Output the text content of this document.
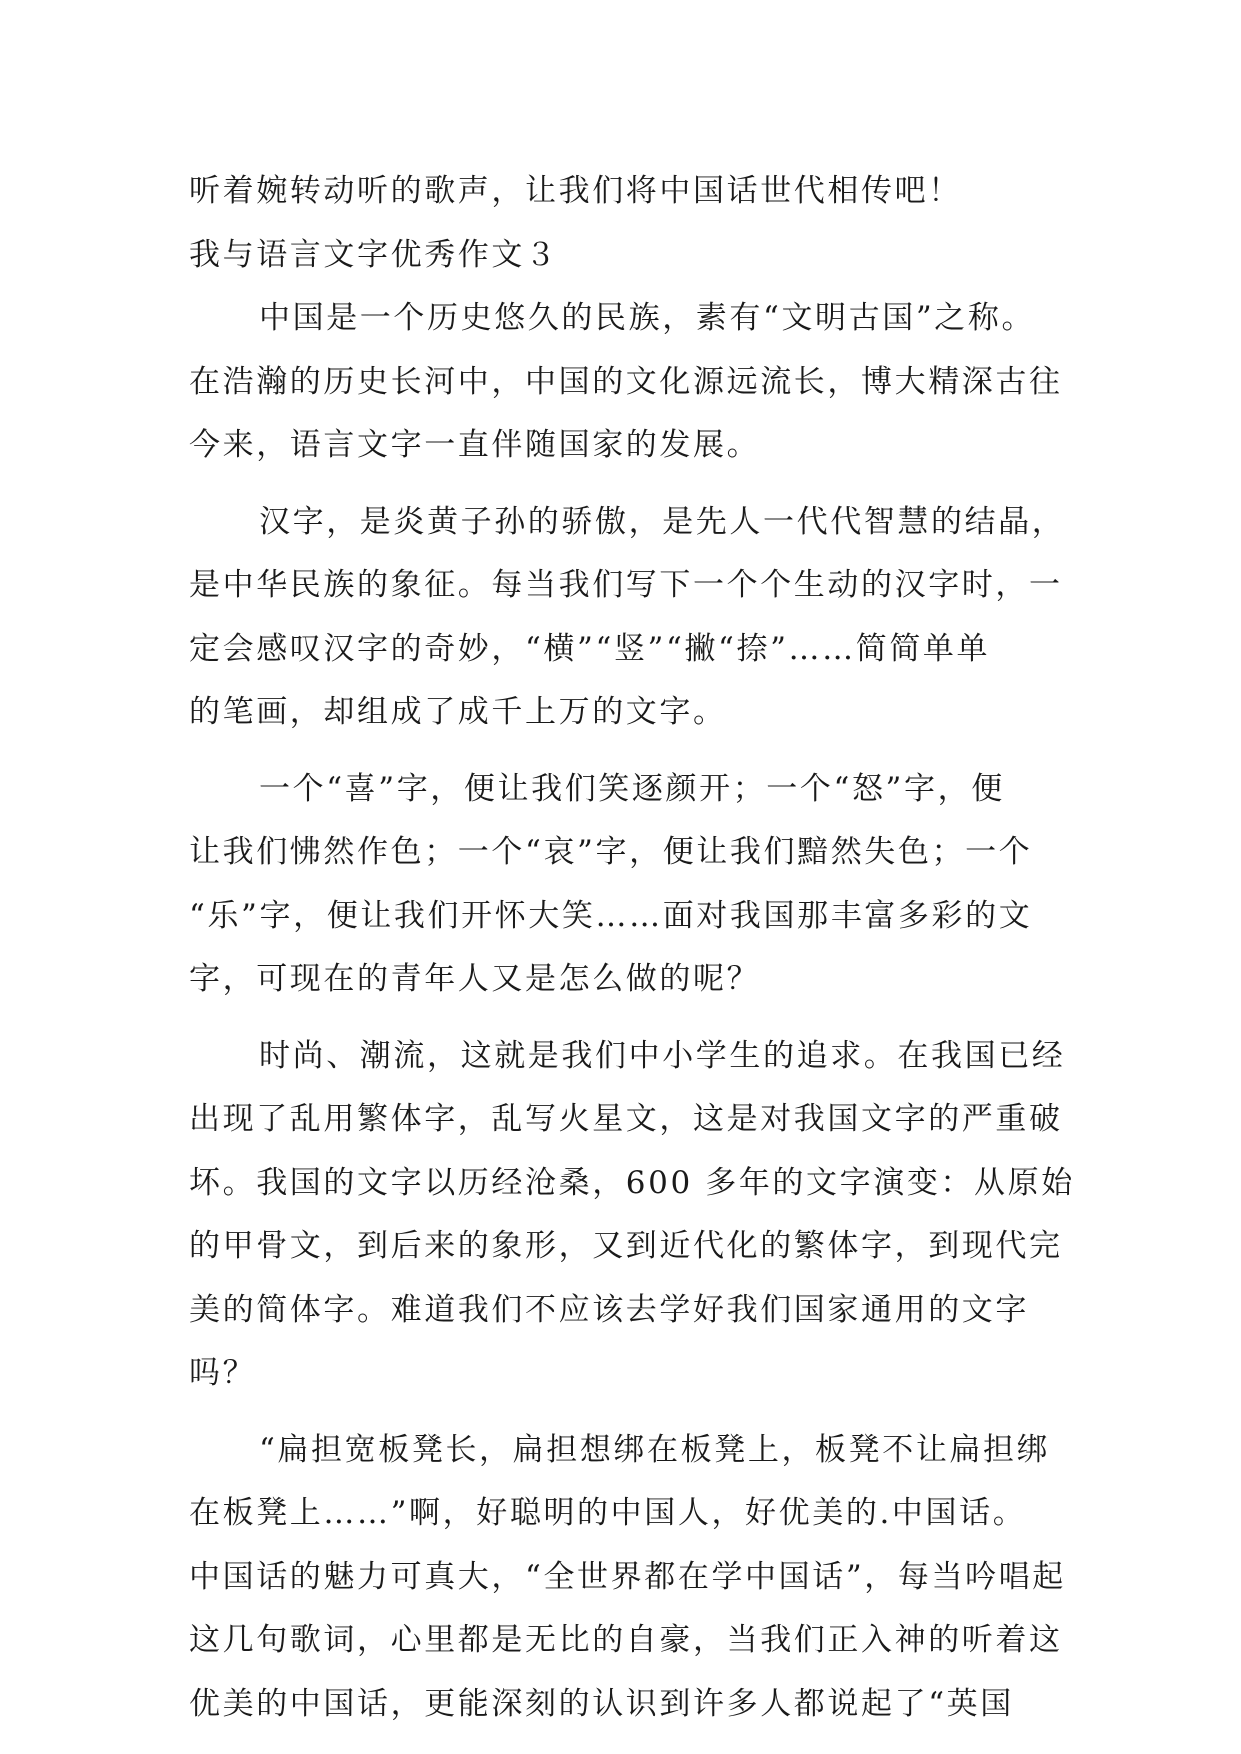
听着婉转动听的歌声，让我们将中国话世代相传吧！
我与语言文字优秀作文３
中国是一个历史悠久的民族，素有“文明古国”之称。
在浩瀚的历史长河中，中国的文化源远流长，博大精深古往
今来，语言文字一直伴随国家的发展。
汉字，是炎黄子孙的骄傲，是先人一代代智慧的结晶，
是中华民族的象征。每当我们写下一个个生动的汉字时，一
定会感叹汉字的奇妙，“横”“竖”“撇“捺”……简简单单
的笔画，却组成了成千上万的文字。
一个“喜”字，便让我们笑逐颜开；一个“怒”字，便
让我们怫然作色；一个“哀”字，便让我们黯然失色；一个
“乐”字，便让我们开怀大笑……面对我国那丰富多彩的文
字，可现在的青年人又是怎么做的呢？
时尚、潮流，这就是我们中小学生的追求。在我国已经
出现了乱用繁体字，乱写火星文，这是对我国文字的严重破
坏。我国的文字以历经沧桑，600 多年的文字演变：从原始
的甲骨文，到后来的象形，又到近代化的繁体字，到现代完
美的简体字。难道我们不应该去学好我们国家通用的文字
吗？
“扁担宽板凳长，扁担想绑在板凳上，板凳不让扁担绑
在板凳上……”啊，好聪明的中国人，好优美的.中国话。
中国话的魅力可真大，“全世界都在学中国话”，每当吟唱起
这几句歌词，心里都是无比的自豪，当我们正入神的听着这
优美的中国话，更能深刻的认识到许多人都说起了“英国
